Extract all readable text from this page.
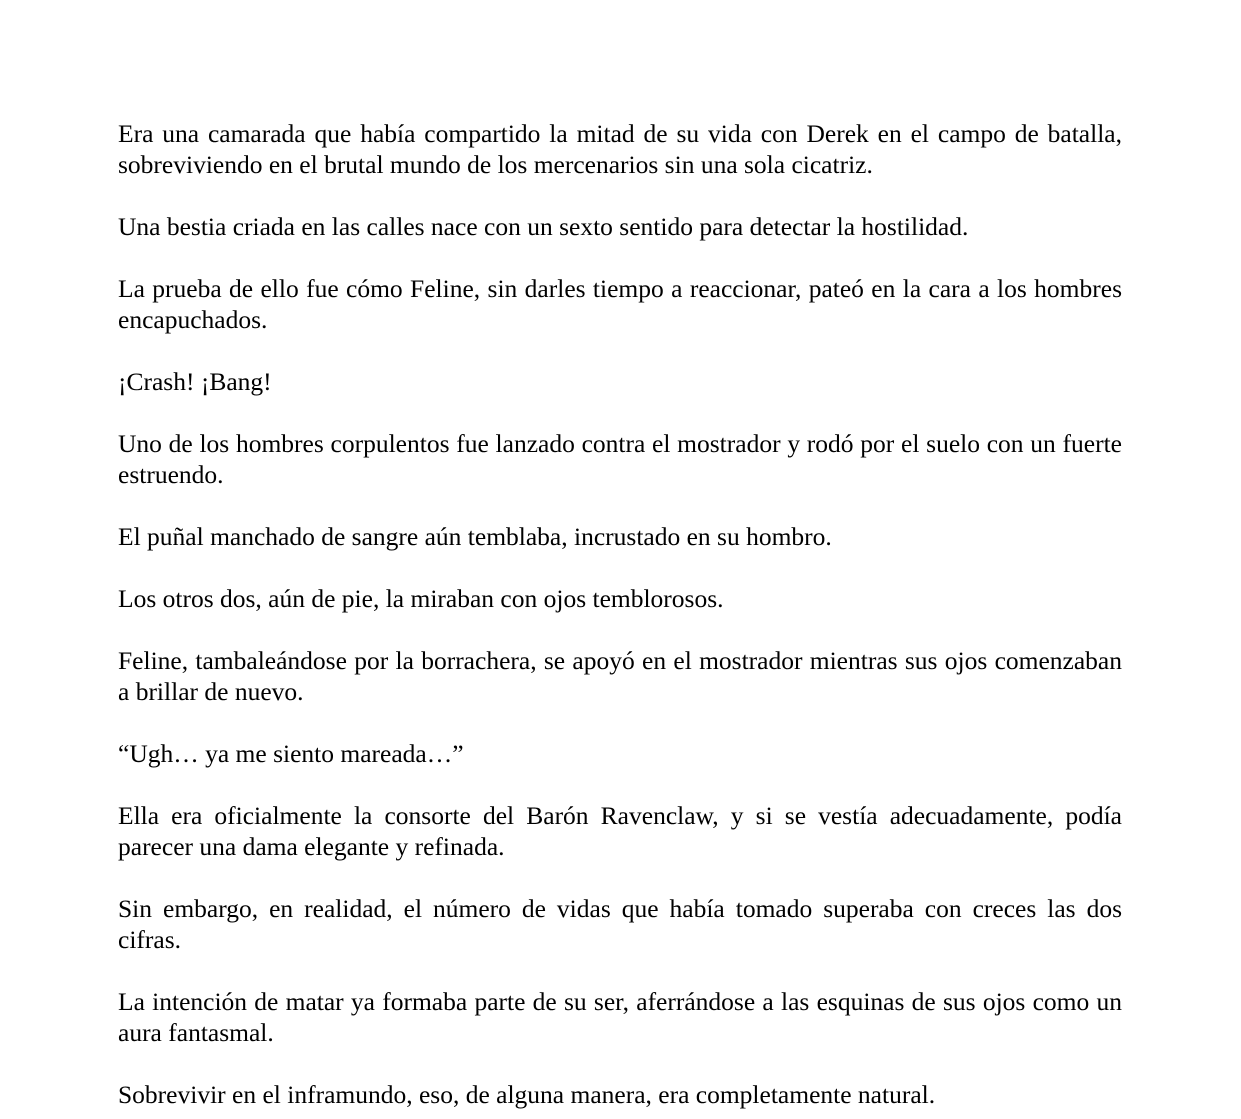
Era una camarada que había compartido la mitad de su vida con Derek en el campo de batalla, sobreviviendo en el brutal mundo de los mercenarios sin una sola cicatriz.

Una bestia criada en las calles nace con un sexto sentido para detectar la hostilidad.

La prueba de ello fue cómo Feline, sin darles tiempo a reaccionar, pateó en la cara a los hombres encapuchados.

¡Crash! ¡Bang!

Uno de los hombres corpulentos fue lanzado contra el mostrador y rodó por el suelo con un fuerte estruendo.

El puñal manchado de sangre aún temblaba, incrustado en su hombro.

Los otros dos, aún de pie, la miraban con ojos temblorosos.

Feline, tambaleándose por la borrachera, se apoyó en el mostrador mientras sus ojos comenzaban a brillar de nuevo.

“Ugh… ya me siento mareada…”

Ella era oficialmente la consorte del Barón Ravenclaw, y si se vestía adecuadamente, podía parecer una dama elegante y refinada.

Sin embargo, en realidad, el número de vidas que había tomado superaba con creces las dos cifras.

La intención de matar ya formaba parte de su ser, aferrándose a las esquinas de sus ojos como un aura fantasmal.

Sobrevivir en el inframundo, eso, de alguna manera, era completamente natural.
